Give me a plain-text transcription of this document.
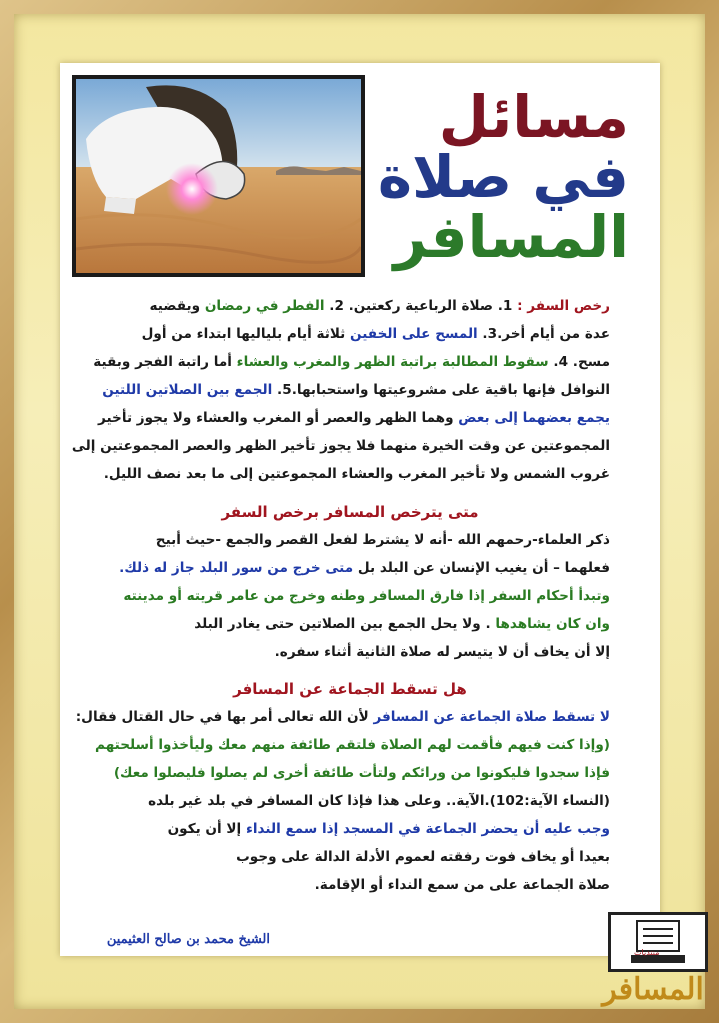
مسائل
في صلاة
المسافر
رخص السفر : 1. صلاة الرباعية ركعتين. 2. الفطر في رمضان ويقضيه
عدة من أيام أخر.3. المسح على الخفين ثلاثة أيام بلياليها ابتداء من أول
مسح. 4. سقوط المطالبة براتبة الظهر والمغرب والعشاء أما راتبة الفجر وبقية
النوافل فإنها باقية على مشروعيتها واستحبابها.5. الجمع بين الصلاتين اللتين
يجمع بعضهما إلى بعض وهما الظهر والعصر أو المغرب والعشاء ولا يجوز تأخير
المجموعتين عن وقت الخيرة منهما فلا يجوز تأخير الظهر والعصر المجموعتين إلى
غروب الشمس ولا تأخير المغرب والعشاء المجموعتين إلى ما بعد نصف الليل.
متى يترخص المسافر برخص السفر
ذكر العلماء-رحمهم الله -أنه لا يشترط لفعل القصر والجمع -حيث أبيح
فعلهما – أن يغيب الإنسان عن البلد بل متى خرج من سور البلد جاز له ذلك.
وتبدأ أحكام السفر إذا فارق المسافر وطنه وخرج من عامر قريته أو مدينته
وان كان يشاهدها . ولا يحل الجمع بين الصلاتين حتى يغادر البلد
إلا أن يخاف أن لا يتيسر له صلاة الثانية أثناء سفره.
هل تسقط الجماعة عن المسافر
لا تسقط صلاة الجماعة عن المسافر لأن الله تعالى أمر بها في حال القتال فقال:
(وإذا كنت فيهم فأقمت لهم الصلاة فلتقم طائفة منهم معك وليأخذوا أسلحتهم
فإذا سجدوا فليكونوا من ورائكم ولتأت طائفة أخرى لم يصلوا فليصلوا معك)
(النساء الآية:102).الآية.. وعلى هذا فإذا كان المسافر في بلد غير بلده
وجب عليه أن يحضر الجماعة في المسجد إذا سمع النداء إلا أن يكون
بعيدا أو يخاف فوت رفقته لعموم الأدلة الدالة على وجوب
صلاة الجماعة على من سمع النداء أو الإقامة.
الشيخ محمد بن صالح العثيمين
منتديات
المسافر
